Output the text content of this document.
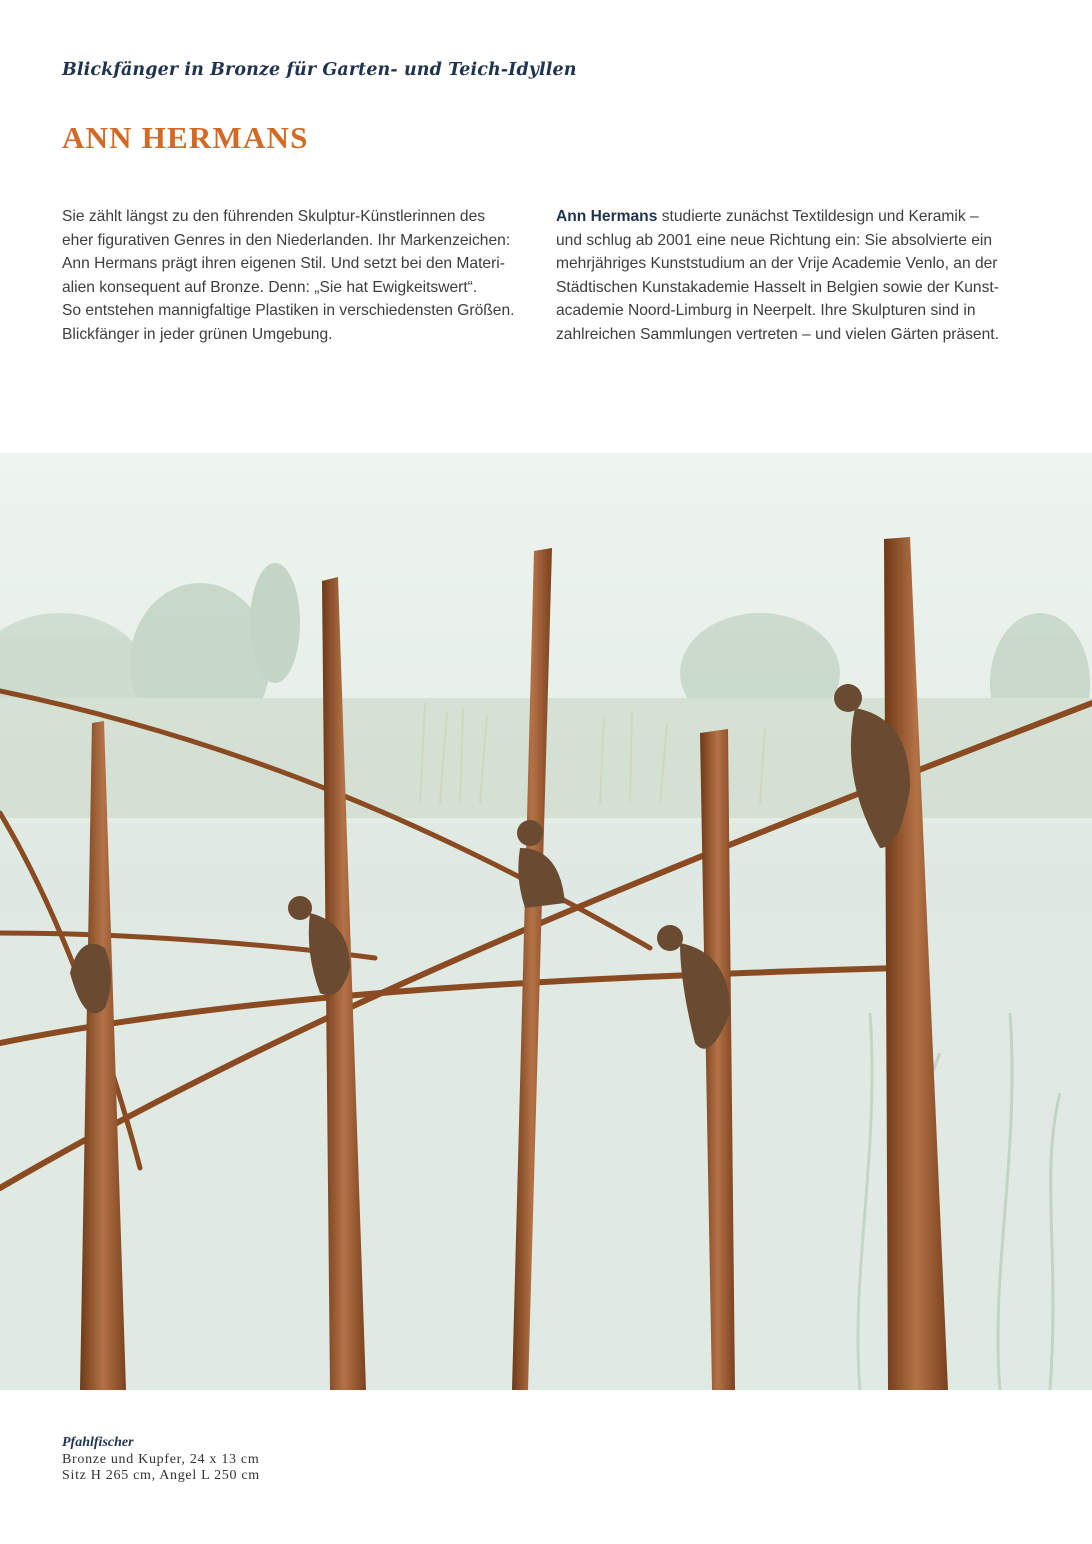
Blickfänger in Bronze für Garten- und Teich-Idyllen
ANN HERMANS
Sie zählt längst zu den führenden Skulptur-Künstlerinnen des
eher figurativen Genres in den Niederlanden. Ihr Markenzeichen:
Ann Hermans prägt ihren eigenen Stil. Und setzt bei den Materi-
alien konsequent auf Bronze. Denn: „Sie hat Ewigkeitswert“.
So entstehen mannigfaltige Plastiken in verschiedensten Größen.
Blickfänger in jeder grünen Umgebung.
Ann Hermans studierte zunächst Textildesign und Keramik –
und schlug ab 2001 eine neue Richtung ein: Sie absolvierte ein
mehrjähriges Kunststudium an der Vrije Academie Venlo, an der
Städtischen Kunstakademie Hasselt in Belgien sowie der Kunst-
academie Noord-Limburg in Neerpelt. Ihre Skulpturen sind in
zahlreichen Sammlungen vertreten – und vielen Gärten präsent.
Pfahlfischer
Bronze und Kupfer, 24 x 13 cm
Sitz H 265 cm, Angel L 250 cm
